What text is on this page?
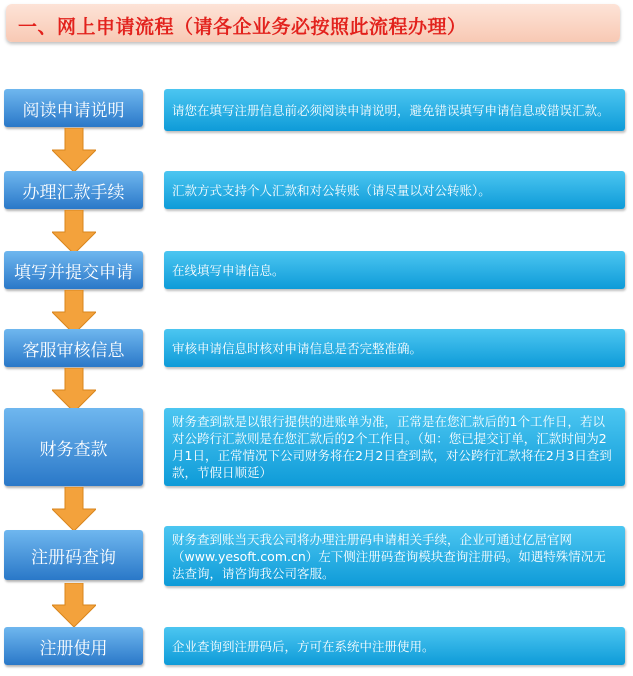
一、网上申请流程（请各企业务必按照此流程办理）
阅读申请说明	请您在填写注册信息前必须阅读申请说明，避免错误填写申请信息或错误汇款。
办理汇款手续	汇款方式支持个人汇款和对公转账（请尽量以对公转账）。
填写并提交申请	在线填写申请信息。
客服审核信息	审核申请信息时核对申请信息是否完整准确。
财务查款
财务查到款是以银行提供的进账单为准，正常是在您汇款后的1个工作日，若以对公跨行汇款则是在您汇款后的2个工作日。（如：您已提交订单，汇款时间为2月1日，正常情况下公司财务将在2月2日查到款，对公跨行汇款将在2月3日查到款，节假日顺延）
注册码查询
财务查到账当天我公司将办理注册码申请相关手续，企业可通过亿居官网（www.yesoft.com.cn）左下侧注册码查询模块查询注册码。如遇特殊情况无法查询，请咨询我公司客服。
注册使用	企业查询到注册码后，方可在系统中注册使用。
